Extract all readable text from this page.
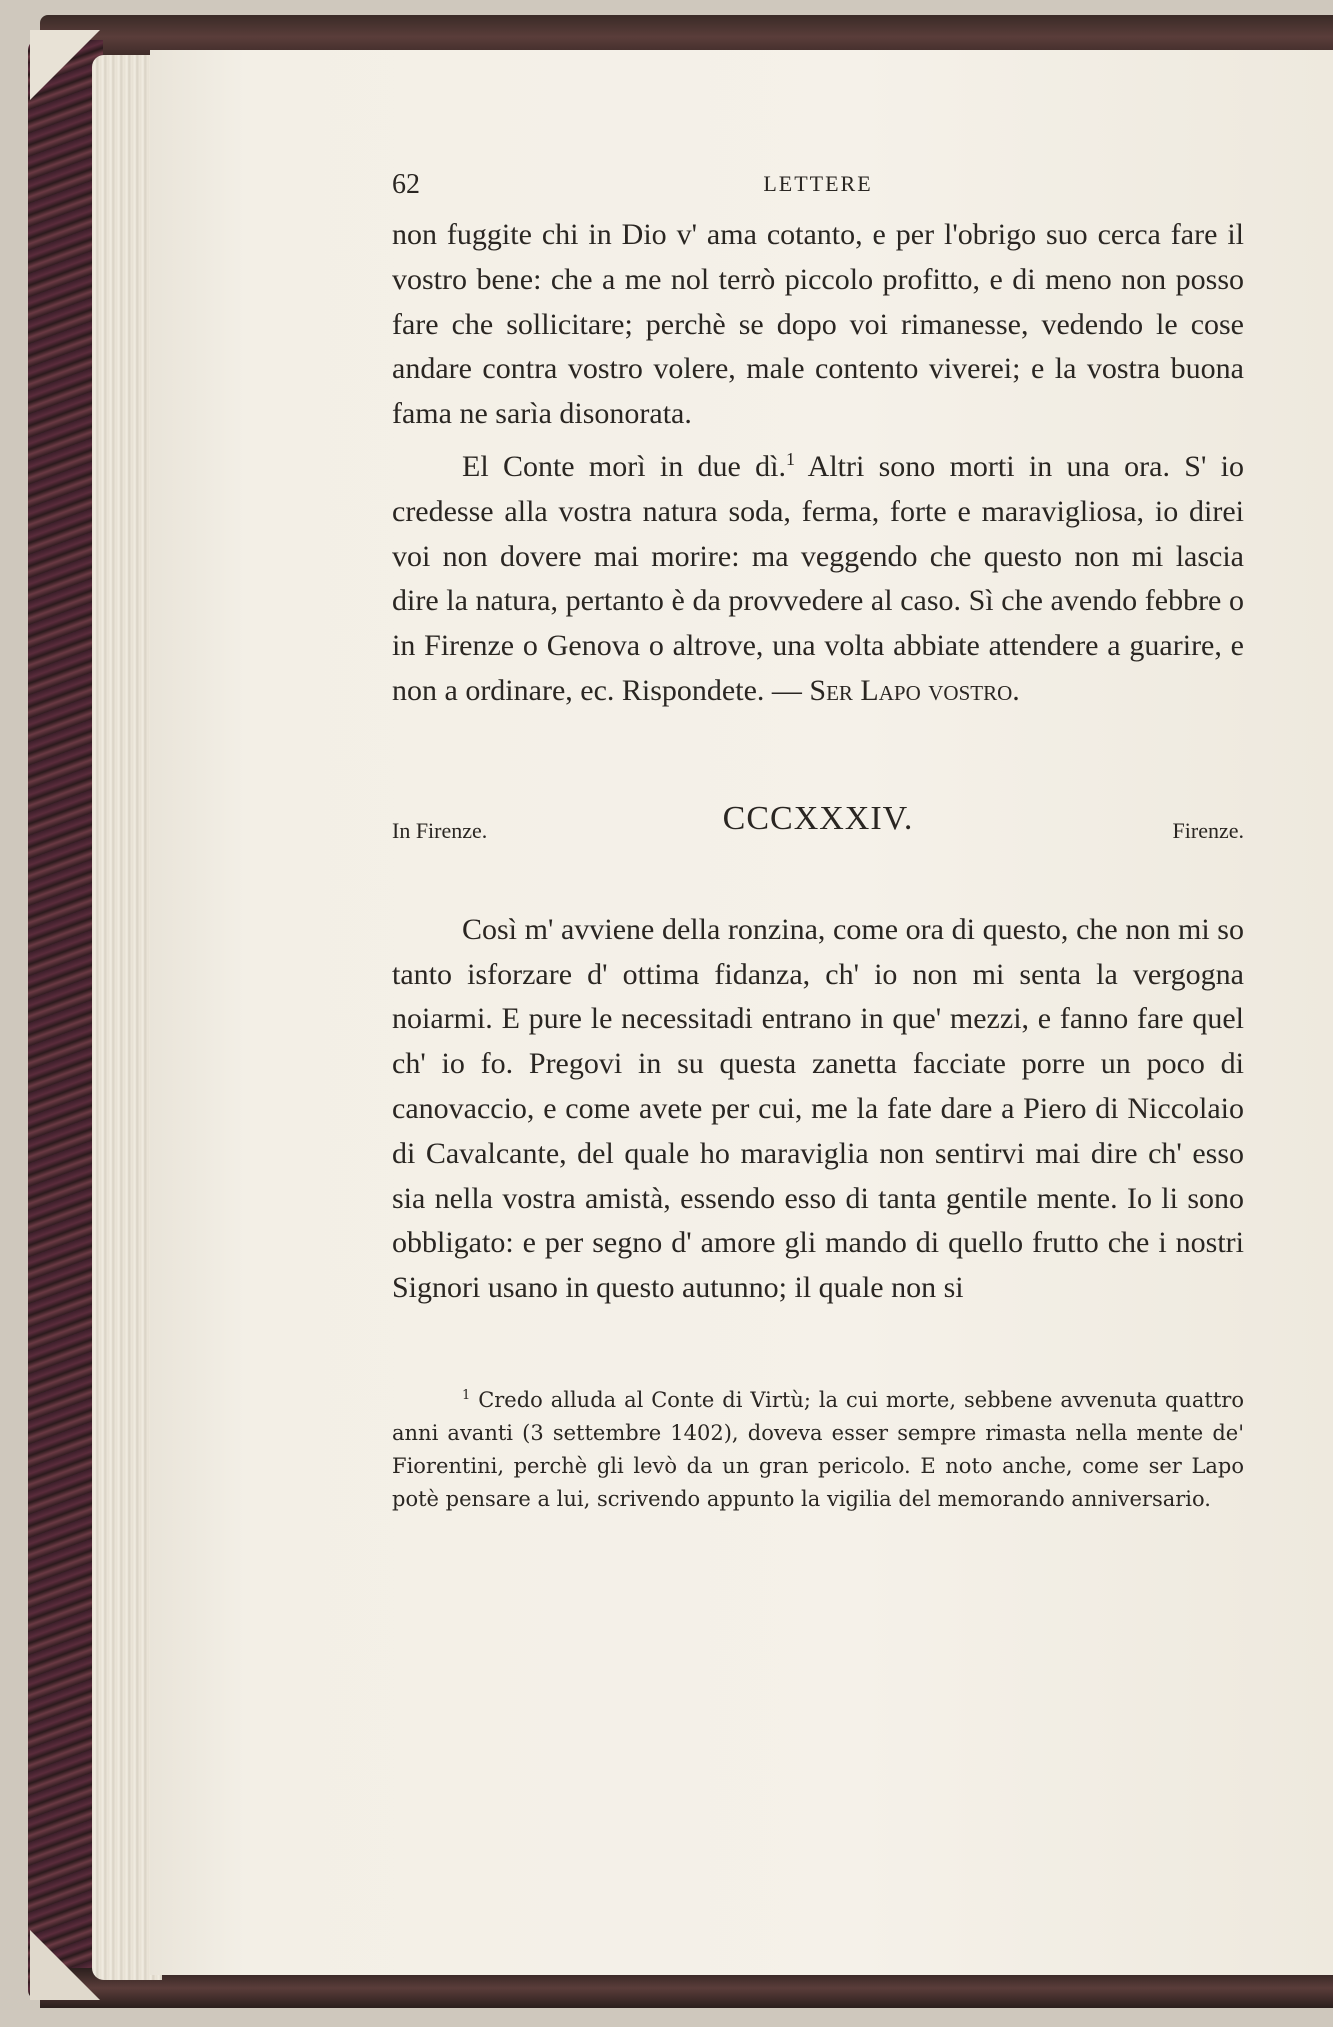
62	LETTERE

non fuggite chi in Dio v' ama cotanto, e per l'obrigo suo cerca fare il vostro bene: che a me nol terrò piccolo profitto, e di meno non posso fare che sollicitare; perchè se dopo voi rimanesse, vedendo le cose andare contra vostro volere, male contento viverei; e la vostra buona fama ne sarìa disonorata.

El Conte morì in due dì.$^1$ Altri sono morti in una ora. S' io credesse alla vostra natura soda, ferma, forte e maravigliosa, io direi voi non dovere mai morire: ma veggendo che questo non mi lascia dire la natura, pertanto è da provvedere al caso. Sì che avendo febbre o in Firenze o Genova o altrove, una volta abbiate attendere a guarire, e non a ordinare, ec. Rispondete. — Ser Lapo vostro.

In Firenze.	CCCXXXIV.	Firenze.

Così m' avviene della ronzina, come ora di questo, che non mi so tanto isforzare d' ottima fidanza, ch' io non mi senta la vergogna noiarmi. E pure le necessitadi entrano in que' mezzi, e fanno fare quel ch' io fo. Pregovi in su questa zanetta facciate porre un poco di canovaccio, e come avete per cui, me la fate dare a Piero di Niccolaio di Cavalcante, del quale ho maraviglia non sentirvi mai dire ch' esso sia nella vostra amistà, essendo esso di tanta gentile mente. Io li sono obbligato: e per segno d' amore gli mando di quello frutto che i nostri Signori usano in questo autunno; il quale non si

$^1$ Credo alluda al Conte di Virtù; la cui morte, sebbene avvenuta quattro anni avanti (3 settembre 1402), doveva esser sempre rimasta nella mente de' Fiorentini, perchè gli levò da un gran pericolo. E noto anche, come ser Lapo potè pensare a lui, scrivendo appunto la vigilia del memorando anniversario.
